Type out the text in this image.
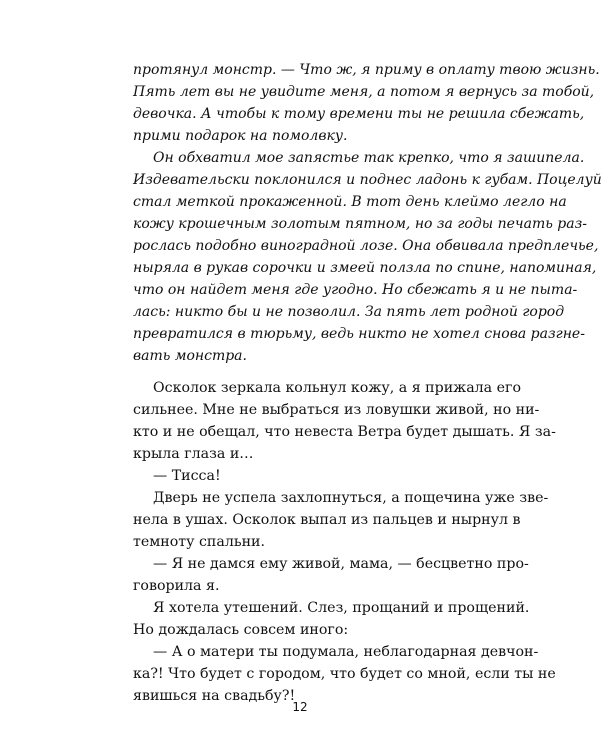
протянул монстр. — Что ж, я приму в оплату твою жизнь.
Пять лет вы не увидите меня, а потом я вернусь за тобой,
девочка. А чтобы к тому времени ты не решила сбежать,
прими подарок на помолвку.
Он обхватил мое запястье так крепко, что я зашипела.
Издевательски поклонился и поднес ладонь к губам. Поцелуй
стал меткой прокаженной. В тот день клеймо легло на
кожу крошечным золотым пятном, но за годы печать раз-
рослась подобно виноградной лозе. Она обвивала предплечье,
ныряла в рукав сорочки и змеей ползла по спине, напоминая,
что он найдет меня где угодно. Но сбежать я и не пыта-
лась: никто бы и не позволил. За пять лет родной город
превратился в тюрьму, ведь никто не хотел снова разгне-
вать монстра.
Осколок зеркала кольнул кожу, а я прижала его
сильнее. Мне не выбраться из ловушки живой, но ни-
кто и не обещал, что невеста Ветра будет дышать. Я за-
крыла глаза и…
— Тисса!
Дверь не успела захлопнуться, а пощечина уже зве-
нела в ушах. Осколок выпал из пальцев и нырнул в
темноту спальни.
— Я не дамся ему живой, мама, — бесцветно про-
говорила я.
Я хотела утешений. Слез, прощаний и прощений.
Но дождалась совсем иного:
— А о матери ты подумала, неблагодарная девчон-
ка?! Что будет с городом, что будет со мной, если ты не
явишься на свадьбу?!
12
